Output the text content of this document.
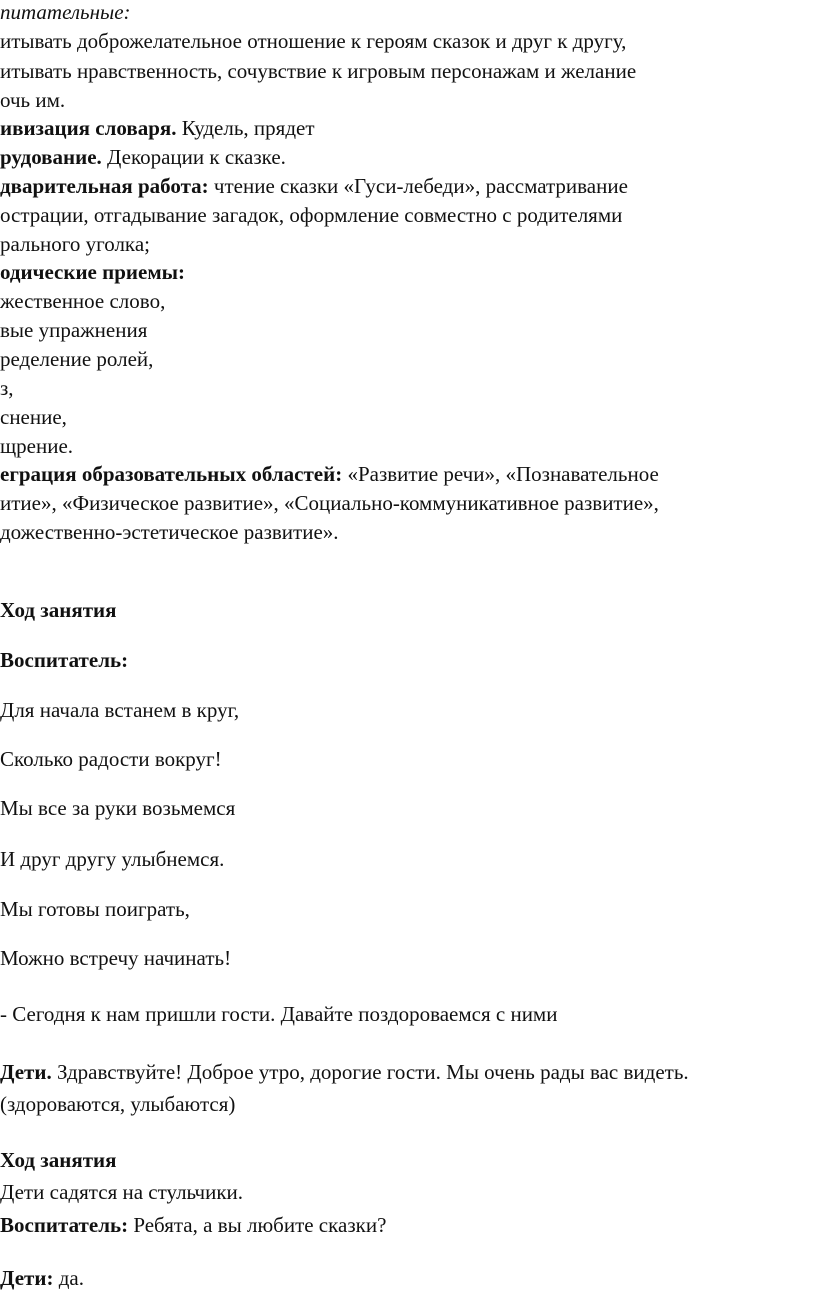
питательные:
итывать доброжелательное отношение к героям сказок и друг к другу,
итывать нравственность, сочувствие к игровым персонажам и желание
очь им.
ивизация словаря. Кудель, прядет
рудование. Декорации к сказке.
дварительная работа: чтение сказки «Гуси-лебеди», рассматривание
острации, отгадывание загадок, оформление совместно с родителями
рального уголка;
одические приемы:
жественное слово,
вые упражнения
ределение ролей,
з,
снение,
щрение.
еграция образовательных областей: «Развитие речи», «Познавательное
итие», «Физическое развитие», «Социально-коммуникативное развитие»,
дожественно-эстетическое развитие».
Ход занятия
Воспитатель:
Для начала встанем в круг,
Сколько радости вокруг!
Мы все за руки возьмемся
И друг другу улыбнемся.
Мы готовы поиграть,
Можно встречу начинать!
- Сегодня к нам пришли гости. Давайте поздороваемся с ними
Дети. Здравствуйте! Доброе утро, дорогие гости. Мы очень рады вас видеть.
(здороваются, улыбаются)
Ход занятия
Дети садятся на стульчики.
Воспитатель: Ребята, а вы любите сказки?
Дети: да.
